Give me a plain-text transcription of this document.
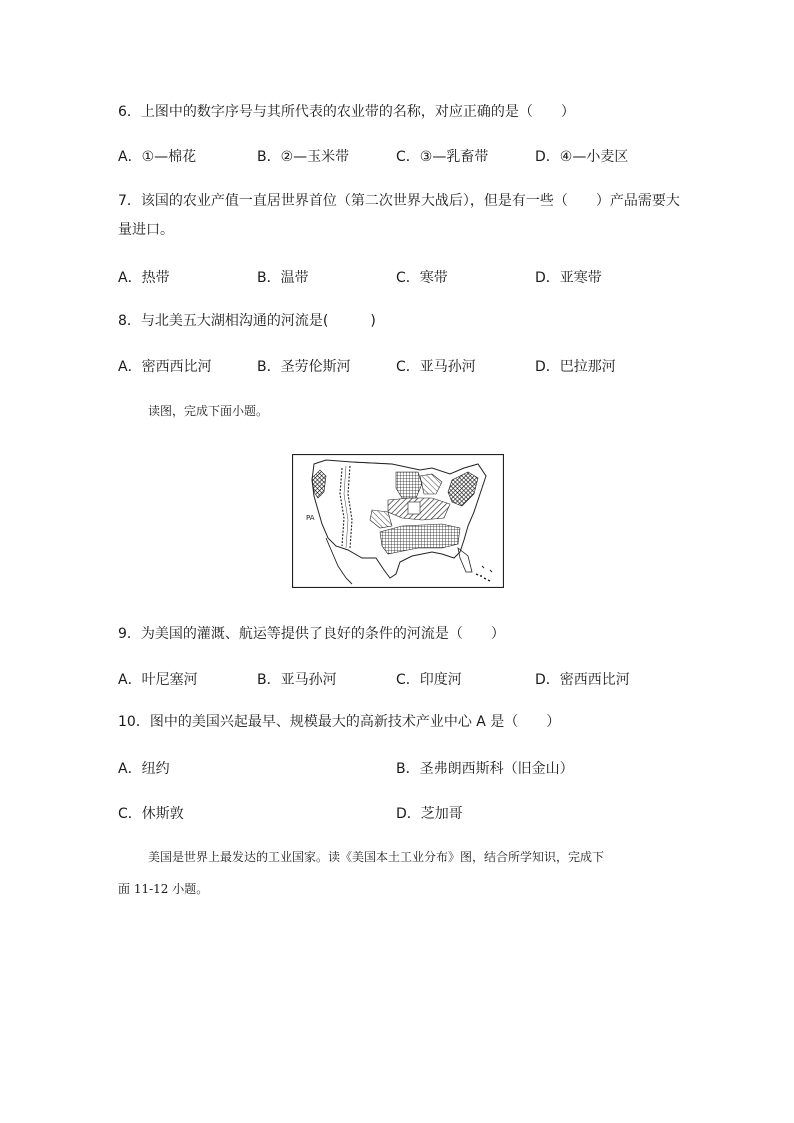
6．上图中的数字序号与其所代表的农业带的名称，对应正确的是（　　）
A．①—棉花	B．②—玉米带	C．③—乳畜带	D．④—小麦区
7．该国的农业产值一直居世界首位（第二次世界大战后），但是有一些（　　）产品需要大
量进口。
A．热带	B．温带	C．寒带	D．亚寒带
8．与北美五大湖相沟通的河流是(　　　)
A．密西西比河	B．圣劳伦斯河	C．亚马孙河	D．巴拉那河
读图，完成下面小题。
PA
9．为美国的灌溉、航运等提供了良好的条件的河流是（　　）
A．叶尼塞河	B．亚马孙河	C．印度河	D．密西西比河
10．图中的美国兴起最早、规模最大的高新技术产业中心 A 是（　　）
A．纽约	B．圣弗朗西斯科（旧金山）
C．休斯敦	D．芝加哥
美国是世界上最发达的工业国家。读《美国本土工业分布》图，结合所学知识，完成下
面 11-12 小题。
